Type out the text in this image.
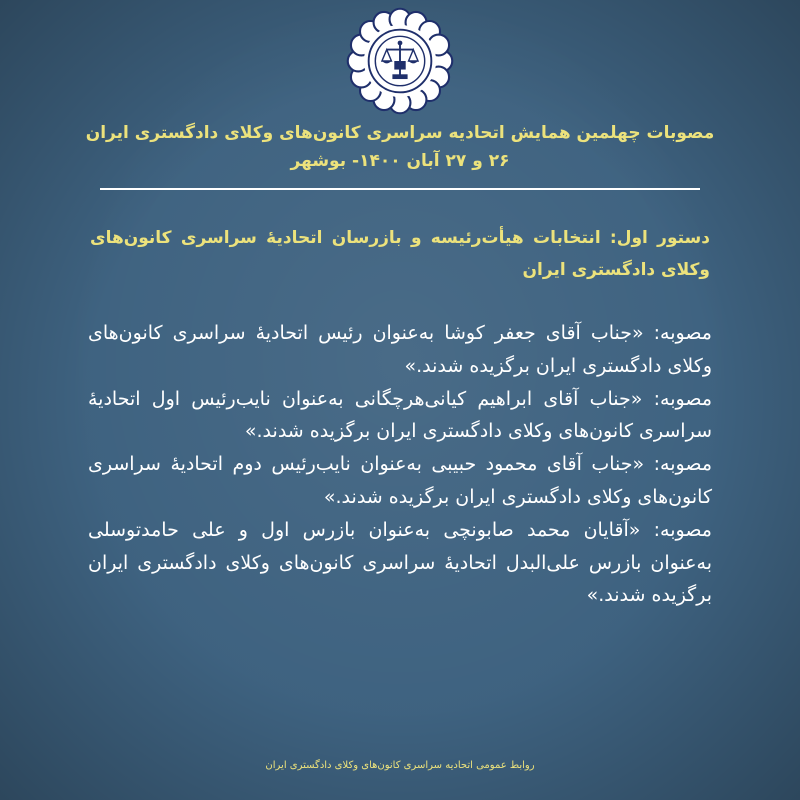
مصوبات چهلمین همایش اتحادیه سراسری کانون‌های وکلای دادگستری ایران
۲۶ و ۲۷ آبان ۱۴۰۰- بوشهر
دستور اول: انتخابات هیأت‌رئیسه و بازرسان اتحادیهٔ سراسری کانون‌های وکلای دادگستری ایران
مصوبه: «جناب آقای جعفر کوشا به‌عنوان رئیس اتحادیهٔ سراسری کانون‌های وکلای دادگستری ایران برگزیده شدند.»
مصوبه: «جناب آقای ابراهیم کیانی‌هرچگانی به‌عنوان نایب‌رئیس اول اتحادیهٔ سراسری کانون‌های وکلای دادگستری ایران برگزیده شدند.»
مصوبه: «جناب آقای محمود حبیبی به‌عنوان نایب‌رئیس دوم اتحادیهٔ سراسری کانون‌های وکلای دادگستری ایران برگزیده شدند.»
مصوبه: «آقایان محمد صابونچی به‌عنوان بازرس اول و علی حامدتوسلی به‌عنوان بازرس علی‌البدل اتحادیهٔ سراسری کانون‌های وکلای دادگستری ایران برگزیده شدند.»
روابط عمومی اتحادیه سراسری کانون‌های وکلای دادگستری ایران
